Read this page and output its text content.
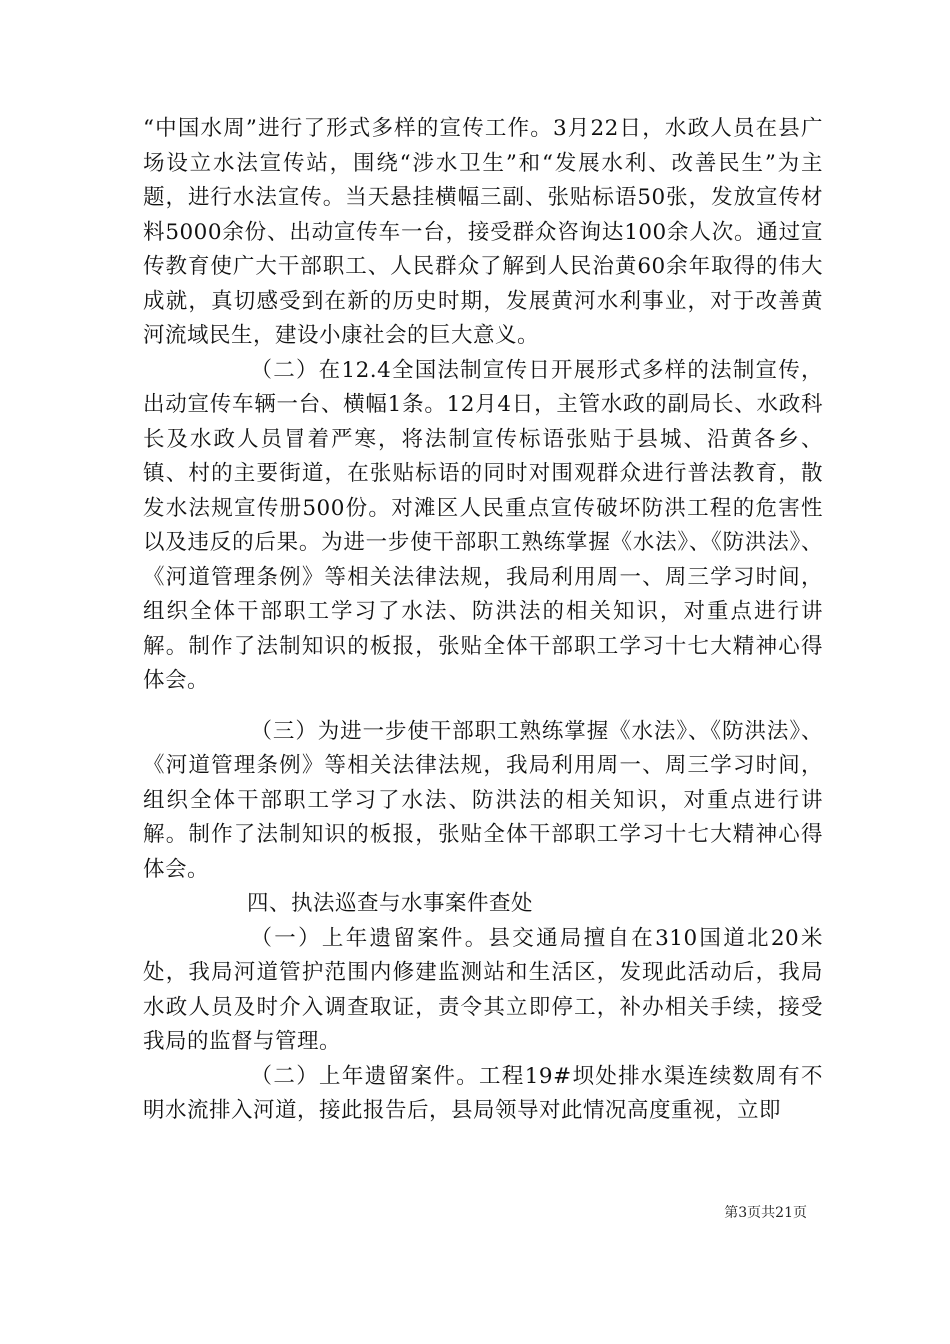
“中国水周”进行了形式多样的宣传工作。3月22日，水政人员在县广场设立水法宣传站，围绕“涉水卫生”和“发展水利、改善民生”为主题，进行水法宣传。当天悬挂横幅三副、张贴标语50张，发放宣传材料5000余份、出动宣传车一台，接受群众咨询达100余人次。通过宣传教育使广大干部职工、人民群众了解到人民治黄60余年取得的伟大成就，真切感受到在新的历史时期，发展黄河水利事业，对于改善黄河流域民生，建设小康社会的巨大意义。

（二）在12.4全国法制宣传日开展形式多样的法制宣传，出动宣传车辆一台、横幅1条。12月4日，主管水政的副局长、水政科长及水政人员冒着严寒，将法制宣传标语张贴于县城、沿黄各乡、镇、村的主要街道，在张贴标语的同时对围观群众进行普法教育，散发水法规宣传册500份。对滩区人民重点宣传破坏防洪工程的危害性以及违反的后果。为进一步使干部职工熟练掌握《水法》、《防洪法》、《河道管理条例》等相关法律法规，我局利用周一、周三学习时间，组织全体干部职工学习了水法、防洪法的相关知识，对重点进行讲解。制作了法制知识的板报，张贴全体干部职工学习十七大精神心得体会。

（三）为进一步使干部职工熟练掌握《水法》、《防洪法》、《河道管理条例》等相关法律法规，我局利用周一、周三学习时间，组织全体干部职工学习了水法、防洪法的相关知识，对重点进行讲解。制作了法制知识的板报，张贴全体干部职工学习十七大精神心得体会。

四、执法巡查与水事案件查处

（一）上年遗留案件。县交通局擅自在310国道北20米处，我局河道管护范围内修建监测站和生活区，发现此活动后，我局水政人员及时介入调查取证，责令其立即停工，补办相关手续，接受我局的监督与管理。

（二）上年遗留案件。工程19#坝处排水渠连续数周有不明水流排入河道，接此报告后，县局领导对此情况高度重视，立即

第3页共21页
